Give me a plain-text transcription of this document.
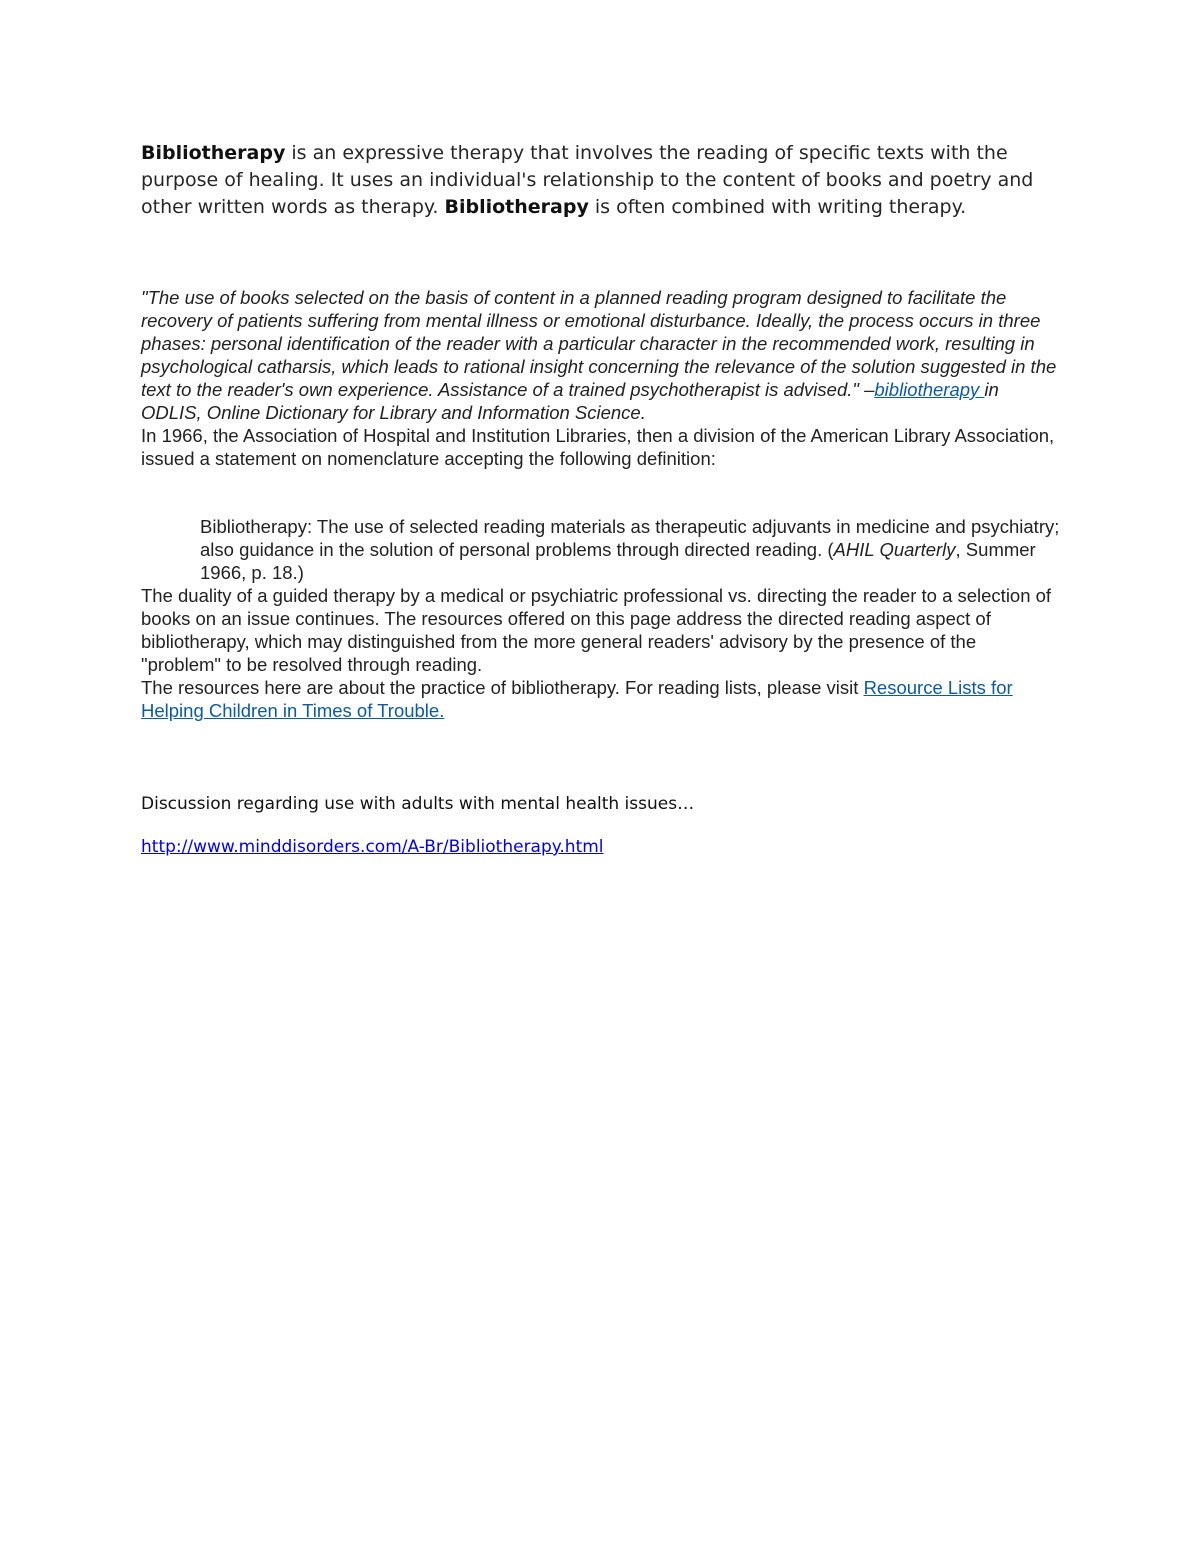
Bibliotherapy is an expressive therapy that involves the reading of specific texts with the purpose of healing. It uses an individual's relationship to the content of books and poetry and other written words as therapy. Bibliotherapy is often combined with writing therapy.

"The use of books selected on the basis of content in a planned reading program designed to facilitate the recovery of patients suffering from mental illness or emotional disturbance. Ideally, the process occurs in three phases: personal identification of the reader with a particular character in the recommended work, resulting in psychological catharsis, which leads to rational insight concerning the relevance of the solution suggested in the text to the reader's own experience. Assistance of a trained psychotherapist is advised." –bibliotherapy in ODLIS, Online Dictionary for Library and Information Science.

In 1966, the Association of Hospital and Institution Libraries, then a division of the American Library Association, issued a statement on nomenclature accepting the following definition:

Bibliotherapy: The use of selected reading materials as therapeutic adjuvants in medicine and psychiatry; also guidance in the solution of personal problems through directed reading. (AHIL Quarterly, Summer 1966, p. 18.)

The duality of a guided therapy by a medical or psychiatric professional vs. directing the reader to a selection of books on an issue continues. The resources offered on this page address the directed reading aspect of bibliotherapy, which may distinguished from the more general readers' advisory by the presence of the "problem" to be resolved through reading.

The resources here are about the practice of bibliotherapy. For reading lists, please visit Resource Lists for Helping Children in Times of Trouble.

Discussion regarding use with adults with mental health issues…

http://www.minddisorders.com/A-Br/Bibliotherapy.html
